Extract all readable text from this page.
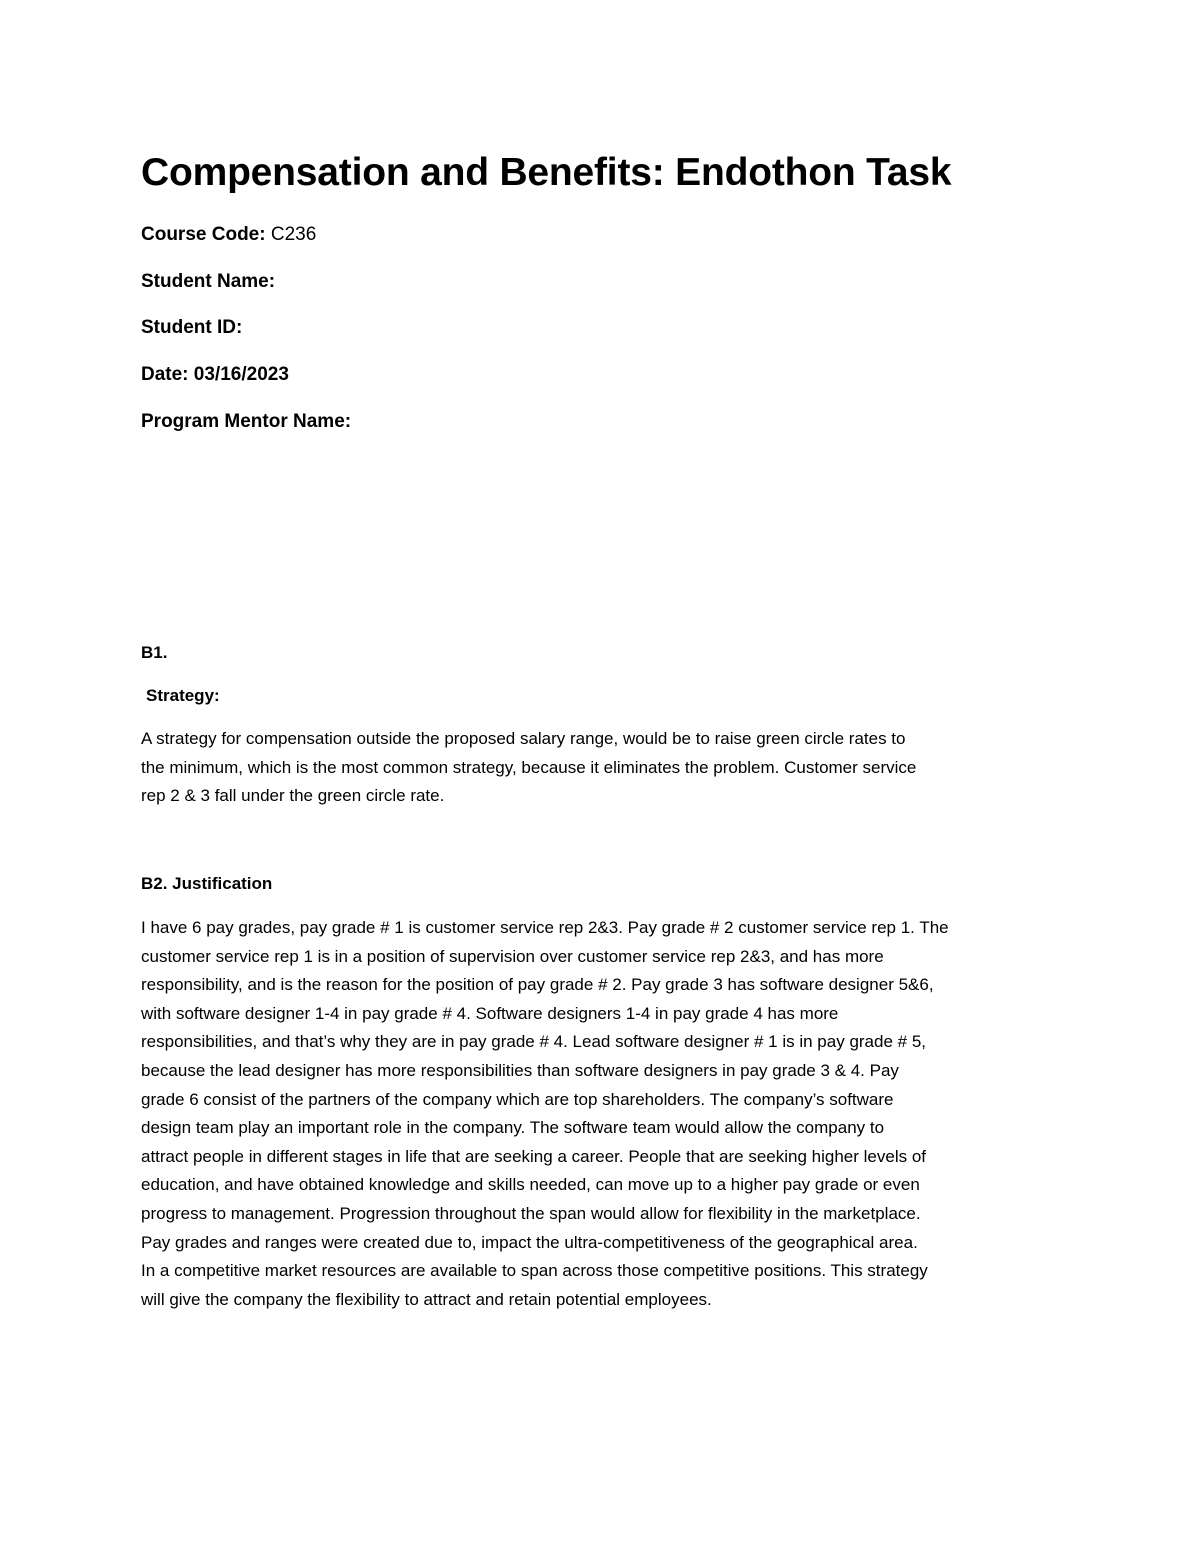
Compensation and Benefits: Endothon Task
Course Code: C236
Student Name:
Student ID:
Date: 03/16/2023
Program Mentor Name:
B1.
Strategy:

A strategy for compensation outside the proposed salary range, would be to raise green circle rates to
the minimum, which is the most common strategy, because it eliminates the problem. Customer service
rep 2 & 3 fall under the green circle rate.

B2. Justification

I have 6 pay grades, pay grade # 1 is customer service rep 2&3. Pay grade # 2 customer service rep 1. The
customer service rep 1 is in a position of supervision over customer service rep 2&3, and has more
responsibility, and is the reason for the position of pay grade # 2. Pay grade 3 has software designer 5&6,
with software designer 1-4 in pay grade # 4. Software designers 1-4 in pay grade 4 has more
responsibilities, and that’s why they are in pay grade # 4. Lead software designer # 1 is in pay grade # 5,
because the lead designer has more responsibilities than software designers in pay grade 3 & 4. Pay
grade 6 consist of the partners of the company which are top shareholders. The company’s software
design team play an important role in the company. The software team would allow the company to
attract people in different stages in life that are seeking a career. People that are seeking higher levels of
education, and have obtained knowledge and skills needed, can move up to a higher pay grade or even
progress to management. Progression throughout the span would allow for flexibility in the marketplace.
Pay grades and ranges were created due to, impact the ultra-competitiveness of the geographical area.
In a competitive market resources are available to span across those competitive positions. This strategy
will give the company the flexibility to attract and retain potential employees.
